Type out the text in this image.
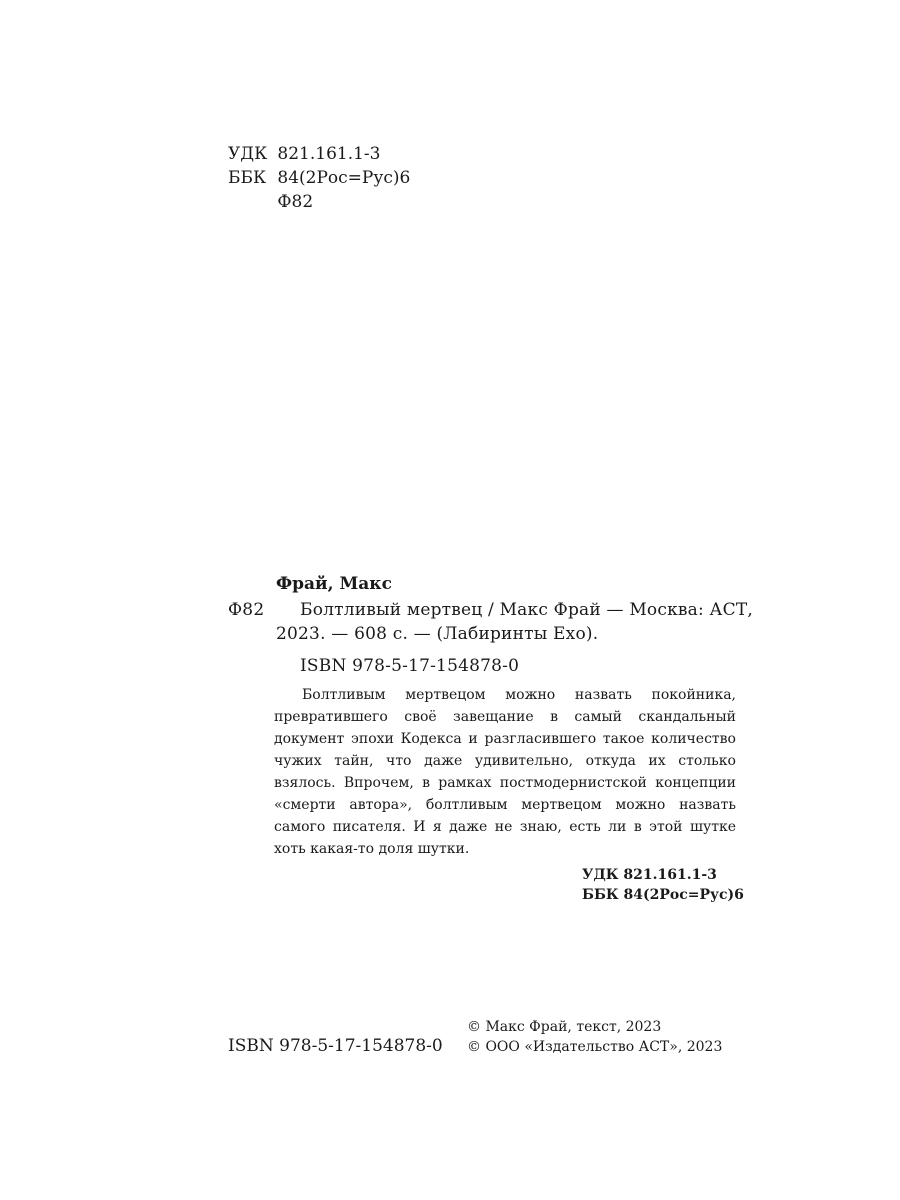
УДК 821.161.1-3
ББК 84(2Рос=Рус)6
Ф82
Фрай, Макс
Ф82 Болтливый мертвец / Макс Фрай — Москва: АСТ,
2023. — 608 с. — (Лабиринты Ехо).
ISBN 978-5-17-154878-0

Болтливым мертвецом можно назвать покойника, превратившего своё завещание в самый скандальный документ эпохи Кодекса и разгласившего такое количество чужих тайн, что даже удивительно, откуда их столько взялось. Впрочем, в рамках постмодернистской концепции «смерти автора», болтливым мертвецом можно назвать самого писателя. И я даже не знаю, есть ли в этой шутке хоть какая-то доля шутки.

УДК 821.161.1-3
ББК 84(2Рос=Рус)6
© Макс Фрай, текст, 2023
ISBN 978-5-17-154878-0 © ООО «Издательство АСТ», 2023
